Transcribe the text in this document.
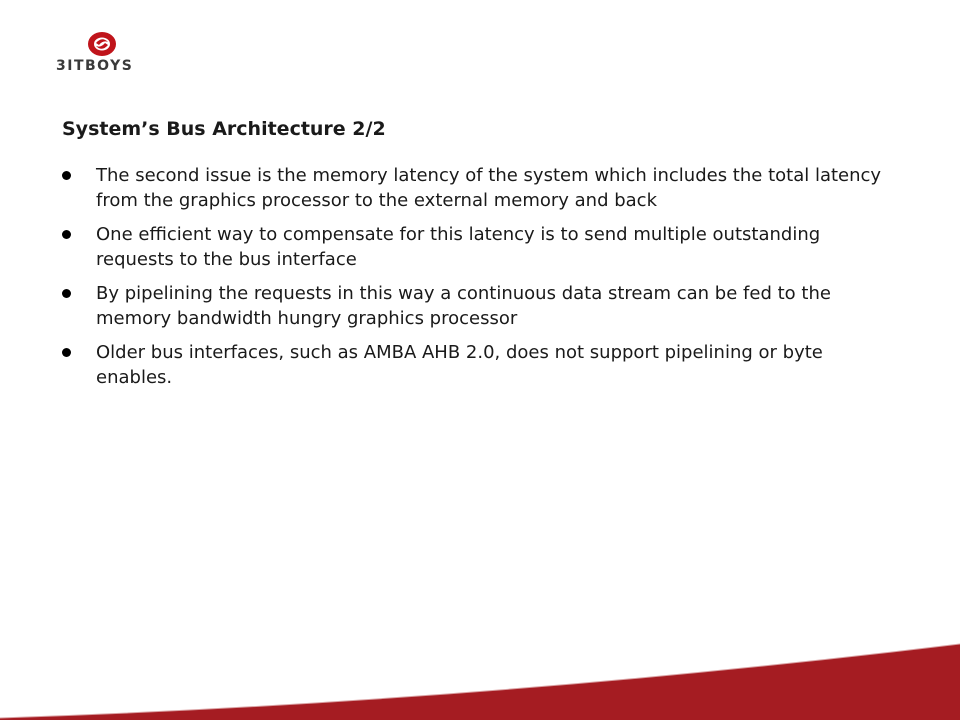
3ITBOYS
System’s Bus Architecture 2/2
The second issue is the memory latency of the system which includes the total latency from the graphics processor to the external memory and back
One efficient way to compensate for this latency is to send multiple outstanding requests to the bus interface
By pipelining the requests in this way a continuous data stream can be fed to the memory bandwidth hungry graphics processor
Older bus interfaces, such as AMBA AHB 2.0, does not support pipelining or byte enables.
